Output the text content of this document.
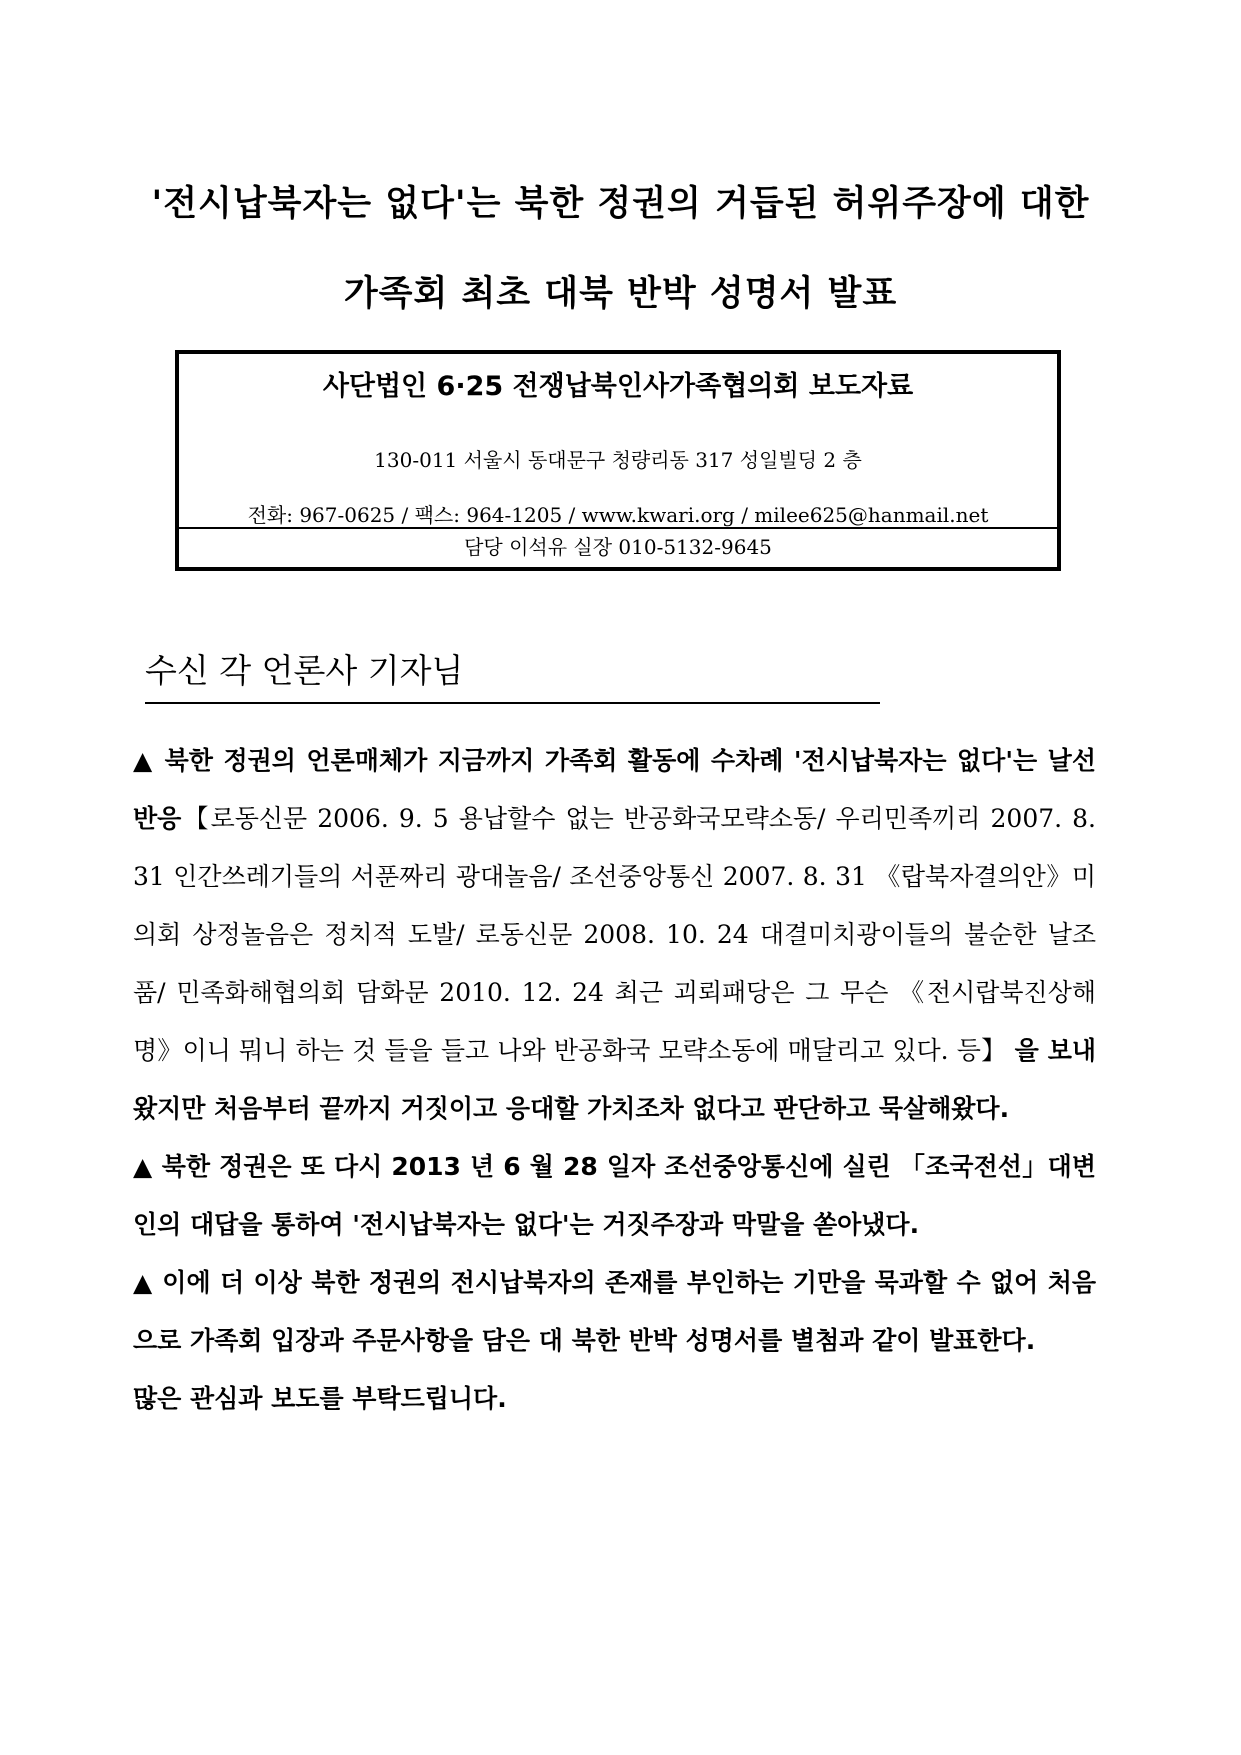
'전시납북자는 없다'는 북한 정권의 거듭된 허위주장에 대한
가족회 최초 대북 반박 성명서 발표
사단법인 6·25 전쟁납북인사가족협의회 보도자료
130-011 서울시 동대문구 청량리동 317 성일빌딩 2 층
전화: 967-0625 / 팩스: 964-1205 / www.kwari.org / milee625@hanmail.net
담당 이석유 실장 010-5132-9645
수신 각 언론사 기자님

▲ 북한 정권의 언론매체가 지금까지 가족회 활동에 수차례 '전시납북자는 없다'는 날선 반응【로동신문 2006. 9. 5 용납할수 없는 반공화국모략소동/ 우리민족끼리 2007. 8. 31 인간쓰레기들의 서푼짜리 광대놀음/ 조선중앙통신 2007. 8. 31 《랍북자결의안》미 의회 상정놀음은 정치적 도발/ 로동신문 2008. 10. 24 대결미치광이들의 불순한 날조품/ 민족화해협의회 담화문 2010. 12. 24 최근 괴뢰패당은 그 무슨 《전시랍북진상해명》이니 뭐니 하는 것 들을 들고 나와 반공화국 모략소동에 매달리고 있다. 등】 을 보내왔지만 처음부터 끝까지 거짓이고 응대할 가치조차 없다고 판단하고 묵살해왔다.

▲ 북한 정권은 또 다시 2013 년 6 월 28 일자 조선중앙통신에 실린 「조국전선」대변인의 대답을 통하여 '전시납북자는 없다'는 거짓주장과 막말을 쏟아냈다.

▲ 이에 더 이상 북한 정권의 전시납북자의 존재를 부인하는 기만을 묵과할 수 없어 처음으로 가족회 입장과 주문사항을 담은 대 북한 반박 성명서를 별첨과 같이 발표한다.

많은 관심과 보도를 부탁드립니다.
